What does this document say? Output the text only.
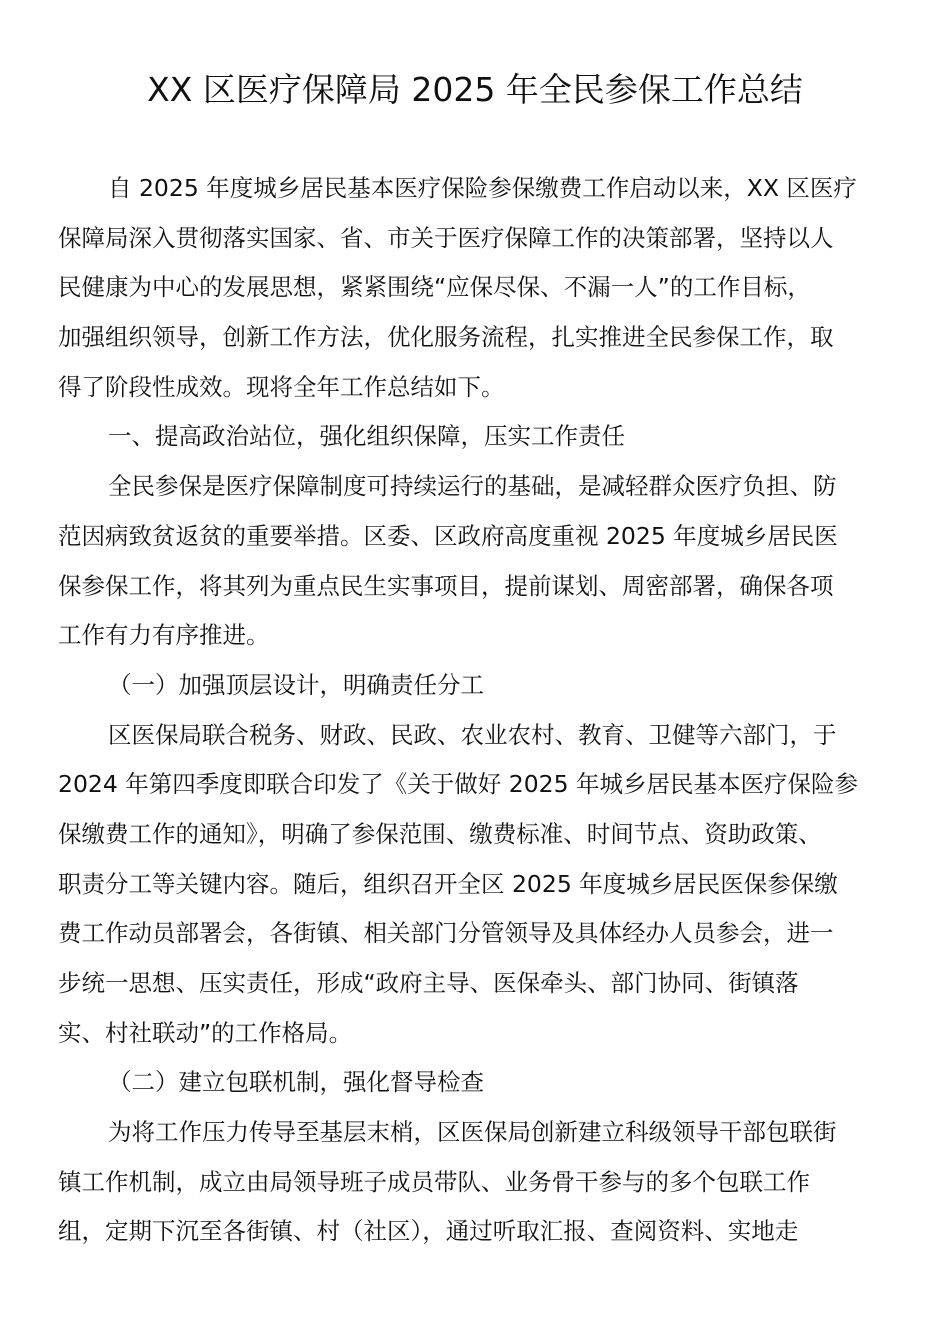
XX 区医疗保障局 2025 年全民参保工作总结
自 2025 年度城乡居民基本医疗保险参保缴费工作启动以来，XX 区医疗
保障局深入贯彻落实国家、省、市关于医疗保障工作的决策部署，坚持以人
民健康为中心的发展思想，紧紧围绕“应保尽保、不漏一人”的工作目标，
加强组织领导，创新工作方法，优化服务流程，扎实推进全民参保工作，取
得了阶段性成效。现将全年工作总结如下。
一、提高政治站位，强化组织保障，压实工作责任
全民参保是医疗保障制度可持续运行的基础，是减轻群众医疗负担、防
范因病致贫返贫的重要举措。区委、区政府高度重视 2025 年度城乡居民医
保参保工作，将其列为重点民生实事项目，提前谋划、周密部署，确保各项
工作有力有序推进。
（一）加强顶层设计，明确责任分工
区医保局联合税务、财政、民政、农业农村、教育、卫健等六部门，于
2024 年第四季度即联合印发了《关于做好 2025 年城乡居民基本医疗保险参
保缴费工作的通知》，明确了参保范围、缴费标准、时间节点、资助政策、
职责分工等关键内容。随后，组织召开全区 2025 年度城乡居民医保参保缴
费工作动员部署会，各街镇、相关部门分管领导及具体经办人员参会，进一
步统一思想、压实责任，形成“政府主导、医保牵头、部门协同、街镇落
实、村社联动”的工作格局。
（二）建立包联机制，强化督导检查
为将工作压力传导至基层末梢，区医保局创新建立科级领导干部包联街
镇工作机制，成立由局领导班子成员带队、业务骨干参与的多个包联工作
组，定期下沉至各街镇、村（社区），通过听取汇报、查阅资料、实地走
